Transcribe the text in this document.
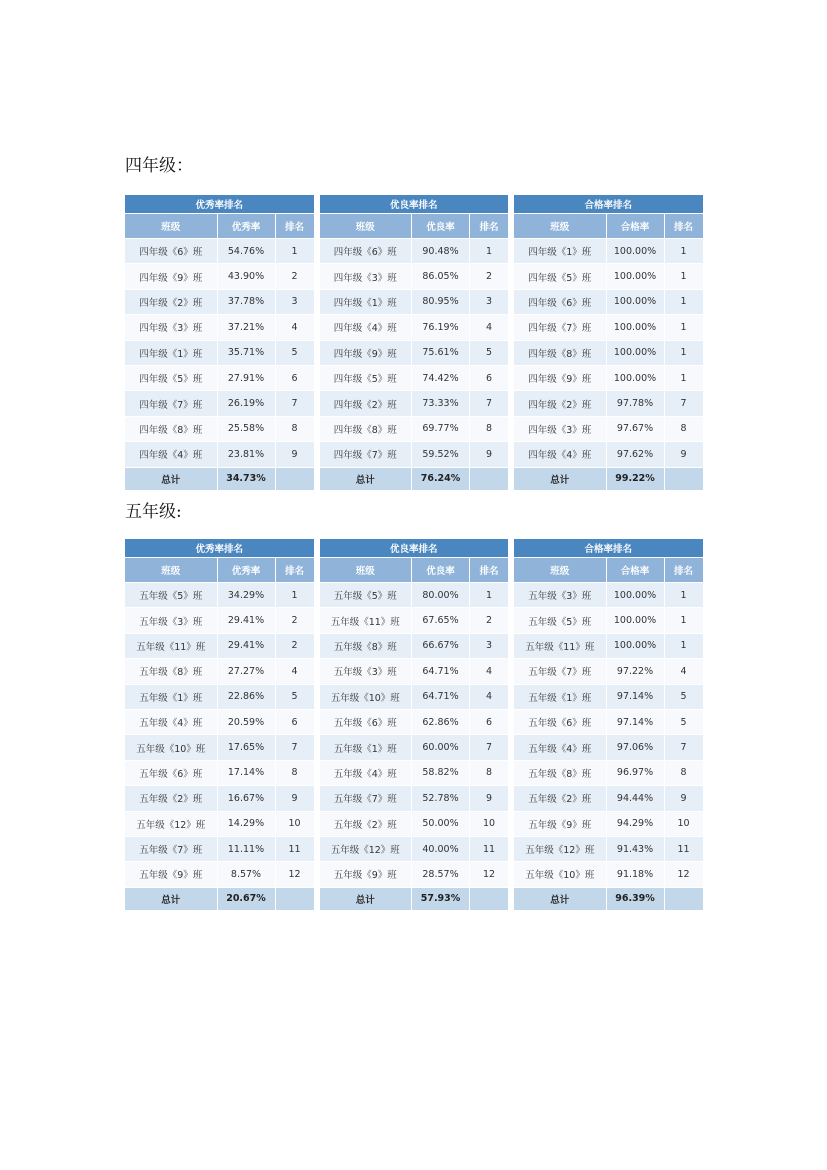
四年级：
优秀率排名		
班级	优秀率	排名
四年级《6》班	54.76%	1
四年级《9》班	43.90%	2
四年级《2》班	37.78%	3
四年级《3》班	37.21%	4
四年级《1》班	35.71%	5
四年级《5》班	27.91%	6
四年级《7》班	26.19%	7
四年级《8》班	25.58%	8
四年级《4》班	23.81%	9
总计	34.73%	
优良率排名		
班级	优良率	排名
四年级《6》班	90.48%	1
四年级《3》班	86.05%	2
四年级《1》班	80.95%	3
四年级《4》班	76.19%	4
四年级《9》班	75.61%	5
四年级《5》班	74.42%	6
四年级《2》班	73.33%	7
四年级《8》班	69.77%	8
四年级《7》班	59.52%	9
总计	76.24%	
合格率排名		
班级	合格率	排名
四年级《1》班	100.00%	1
四年级《5》班	100.00%	1
四年级《6》班	100.00%	1
四年级《7》班	100.00%	1
四年级《8》班	100.00%	1
四年级《9》班	100.00%	1
四年级《2》班	97.78%	7
四年级《3》班	97.67%	8
四年级《4》班	97.62%	9
总计	99.22%	
五年级:
优秀率排名		
班级	优秀率	排名
五年级《5》班	34.29%	1
五年级《3》班	29.41%	2
五年级《11》班	29.41%	2
五年级《8》班	27.27%	4
五年级《1》班	22.86%	5
五年级《4》班	20.59%	6
五年级《10》班	17.65%	7
五年级《6》班	17.14%	8
五年级《2》班	16.67%	9
五年级《12》班	14.29%	10
五年级《7》班	11.11%	11
五年级《9》班	8.57%	12
总计	20.67%	
优良率排名		
班级	优良率	排名
五年级《5》班	80.00%	1
五年级《11》班	67.65%	2
五年级《8》班	66.67%	3
五年级《3》班	64.71%	4
五年级《10》班	64.71%	4
五年级《6》班	62.86%	6
五年级《1》班	60.00%	7
五年级《4》班	58.82%	8
五年级《7》班	52.78%	9
五年级《2》班	50.00%	10
五年级《12》班	40.00%	11
五年级《9》班	28.57%	12
总计	57.93%	
合格率排名		
班级	合格率	排名
五年级《3》班	100.00%	1
五年级《5》班	100.00%	1
五年级《11》班	100.00%	1
五年级《7》班	97.22%	4
五年级《1》班	97.14%	5
五年级《6》班	97.14%	5
五年级《4》班	97.06%	7
五年级《8》班	96.97%	8
五年级《2》班	94.44%	9
五年级《9》班	94.29%	10
五年级《12》班	91.43%	11
五年级《10》班	91.18%	12
总计	96.39%	
